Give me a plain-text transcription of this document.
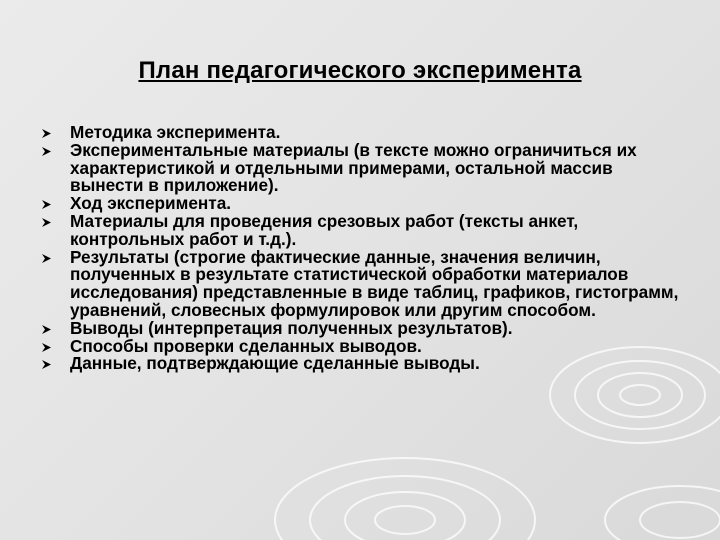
План педагогического эксперимента
Методика эксперимента.
Экспериментальные материалы (в тексте можно ограничиться их характеристикой и отдельными примерами, остальной массив вынести в приложение).
Ход эксперимента.
Материалы для проведения срезовых работ (тексты анкет, контрольных работ и т.д.).
Результаты (строгие фактические данные, значения величин, полученных в результате статистической обработки материалов исследования) представленные в виде таблиц, графиков, гистограмм, уравнений, словесных формулировок или другим способом.
Выводы (интерпретация полученных результатов).
Способы проверки сделанных выводов.
Данные, подтверждающие сделанные выводы.
